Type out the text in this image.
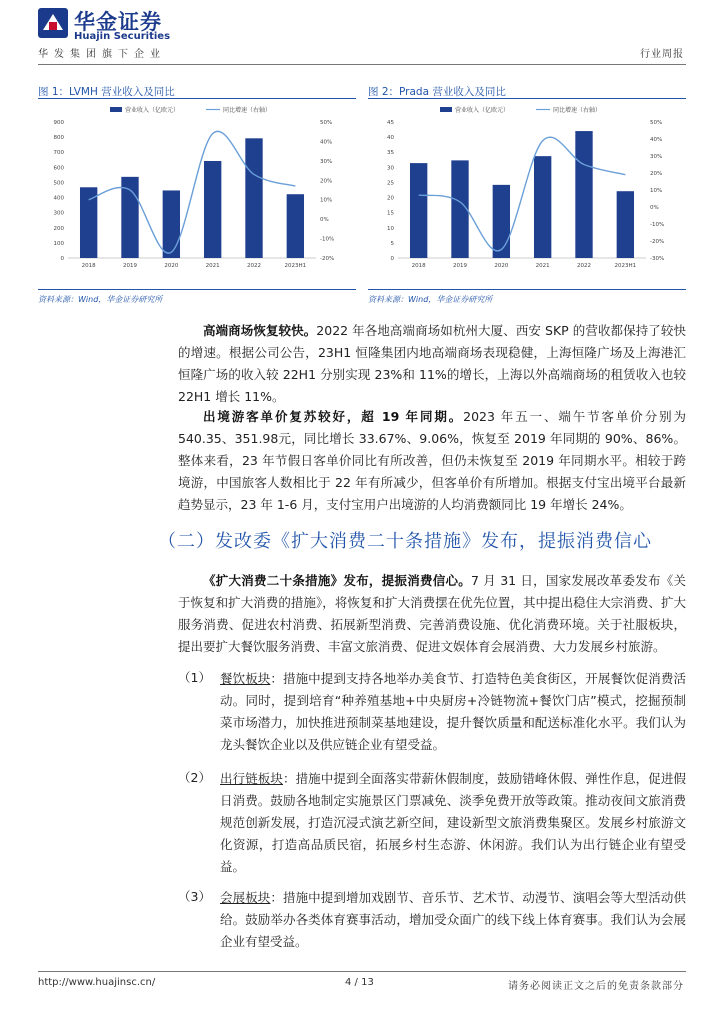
华金证券
Huajin Securities
华发集团旗下企业	行业周报
图 1：LVMH 营业收入及同比
营业收入（亿欧元）	同比增速（右轴）
0
100
200
300
400
500
600
700
800
900
-20%
-10%
0%
10%
20%
30%
40%
50%
2018	2019	2020	2021	2022	2023H1
资料来源：Wind，华金证券研究所
图 2：Prada 营业收入及同比
营业收入（亿欧元）	同比增速（右轴）
0
5
10
15
20
25
30
35
40
45
-30%
-20%
-10%
0%
10%
20%
30%
40%
50%
2018	2019	2020	2021	2022	2023H1
资料来源：Wind，华金证券研究所

高端商场恢复较快。2022 年各地高端商场如杭州大厦、西安 SKP 的营收都保持了较快的增速。根据公司公告，23H1 恒隆集团内地高端商场表现稳健，上海恒隆广场及上海港汇恒隆广场的收入较 22H1 分别实现 23%和 11%的增长，上海以外高端商场的租赁收入也较 22H1 增长 11%。

出境游客单价复苏较好，超 19 年同期。2023 年五一、端午节客单价分别为 540.35、351.98元，同比增长 33.67%、9.06%，恢复至 2019 年同期的 90%、86%。整体来看，23 年节假日客单价同比有所改善，但仍未恢复至 2019 年同期水平。相较于跨境游，中国旅客人数相比于 22 年有所减少，但客单价有所增加。根据支付宝出境平台最新趋势显示，23 年 1-6 月，支付宝用户出境游的人均消费额同比 19 年增长 24%。

（二）发改委《扩大消费二十条措施》发布，提振消费信心

《扩大消费二十条措施》发布，提振消费信心。7 月 31 日，国家发展改革委发布《关于恢复和扩大消费的措施》，将恢复和扩大消费摆在优先位置，其中提出稳住大宗消费、扩大服务消费、促进农村消费、拓展新型消费、完善消费设施、优化消费环境。关于社服板块，提出要扩大餐饮服务消费、丰富文旅消费、促进文娱体育会展消费、大力发展乡村旅游。

（1） 餐饮板块：措施中提到支持各地举办美食节、打造特色美食街区，开展餐饮促消费活动。同时，提到培育“种养殖基地+中央厨房+冷链物流+餐饮门店”模式，挖掘预制菜市场潜力，加快推进预制菜基地建设，提升餐饮质量和配送标准化水平。我们认为龙头餐饮企业以及供应链企业有望受益。

（2） 出行链板块：措施中提到全面落实带薪休假制度，鼓励错峰休假、弹性作息，促进假日消费。鼓励各地制定实施景区门票减免、淡季免费开放等政策。推动夜间文旅消费规范创新发展，打造沉浸式演艺新空间，建设新型文旅消费集聚区。发展乡村旅游文化资源，打造高品质民宿，拓展乡村生态游、休闲游。我们认为出行链企业有望受益。

（3） 会展板块：措施中提到增加戏剧节、音乐节、艺术节、动漫节、演唱会等大型活动供给。鼓励举办各类体育赛事活动，增加受众面广的线下线上体育赛事。我们认为会展企业有望受益。

http://www.huajinsc.cn/	4 / 13	请务必阅读正文之后的免责条款部分
